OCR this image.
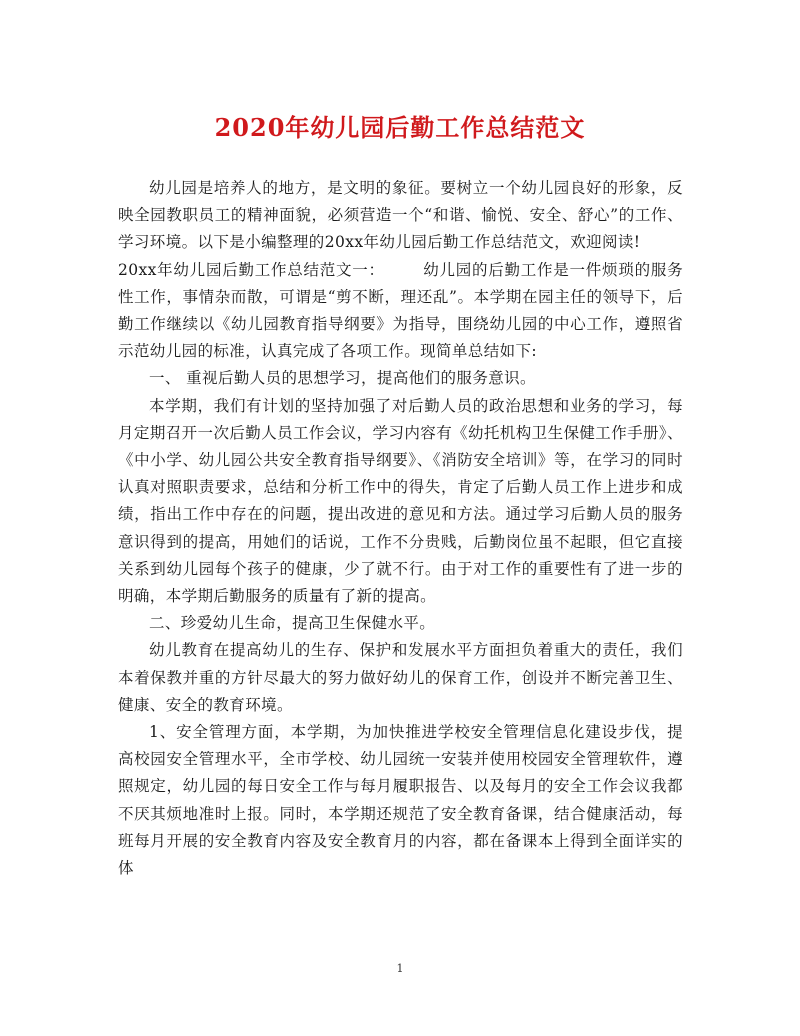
2020年幼儿园后勤工作总结范文

幼儿园是培养人的地方，是文明的象征。要树立一个幼儿园良好的形象，反映全园教职员工的精神面貌，必须营造一个“和谐、愉悦、安全、舒心”的工作、学习环境。以下是小编整理的20xx年幼儿园后勤工作总结范文，欢迎阅读!

20xx年幼儿园后勤工作总结范文一： 幼儿园的后勤工作是一件烦琐的服务性工作，事情杂而散，可谓是“剪不断，理还乱”。本学期在园主任的领导下，后勤工作继续以《幼儿园教育指导纲要》为指导，围绕幼儿园的中心工作，遵照省示范幼儿园的标准，认真完成了各项工作。现简单总结如下:

一、 重视后勤人员的思想学习，提高他们的服务意识。

本学期，我们有计划的坚持加强了对后勤人员的政治思想和业务的学习，每月定期召开一次后勤人员工作会议，学习内容有《幼托机构卫生保健工作手册》、《中小学、幼儿园公共安全教育指导纲要》、《消防安全培训》等，在学习的同时认真对照职责要求，总结和分析工作中的得失，肯定了后勤人员工作上进步和成绩，指出工作中存在的问题，提出改进的意见和方法。通过学习后勤人员的服务意识得到的提高，用她们的话说，工作不分贵贱，后勤岗位虽不起眼，但它直接关系到幼儿园每个孩子的健康，少了就不行。由于对工作的重要性有了进一步的明确，本学期后勤服务的质量有了新的提高。

二、珍爱幼儿生命，提高卫生保健水平。

幼儿教育在提高幼儿的生存、保护和发展水平方面担负着重大的责任，我们本着保教并重的方针尽最大的努力做好幼儿的保育工作，创设并不断完善卫生、健康、安全的教育环境。

1、安全管理方面，本学期，为加快推进学校安全管理信息化建设步伐，提高校园安全管理水平，全市学校、幼儿园统一安装并使用校园安全管理软件，遵照规定，幼儿园的每日安全工作与每月履职报告、以及每月的安全工作会议我都不厌其烦地准时上报。同时，本学期还规范了安全教育备课，结合健康活动，每班每月开展的安全教育内容及安全教育月的内容，都在备课本上得到全面详实的体

1
